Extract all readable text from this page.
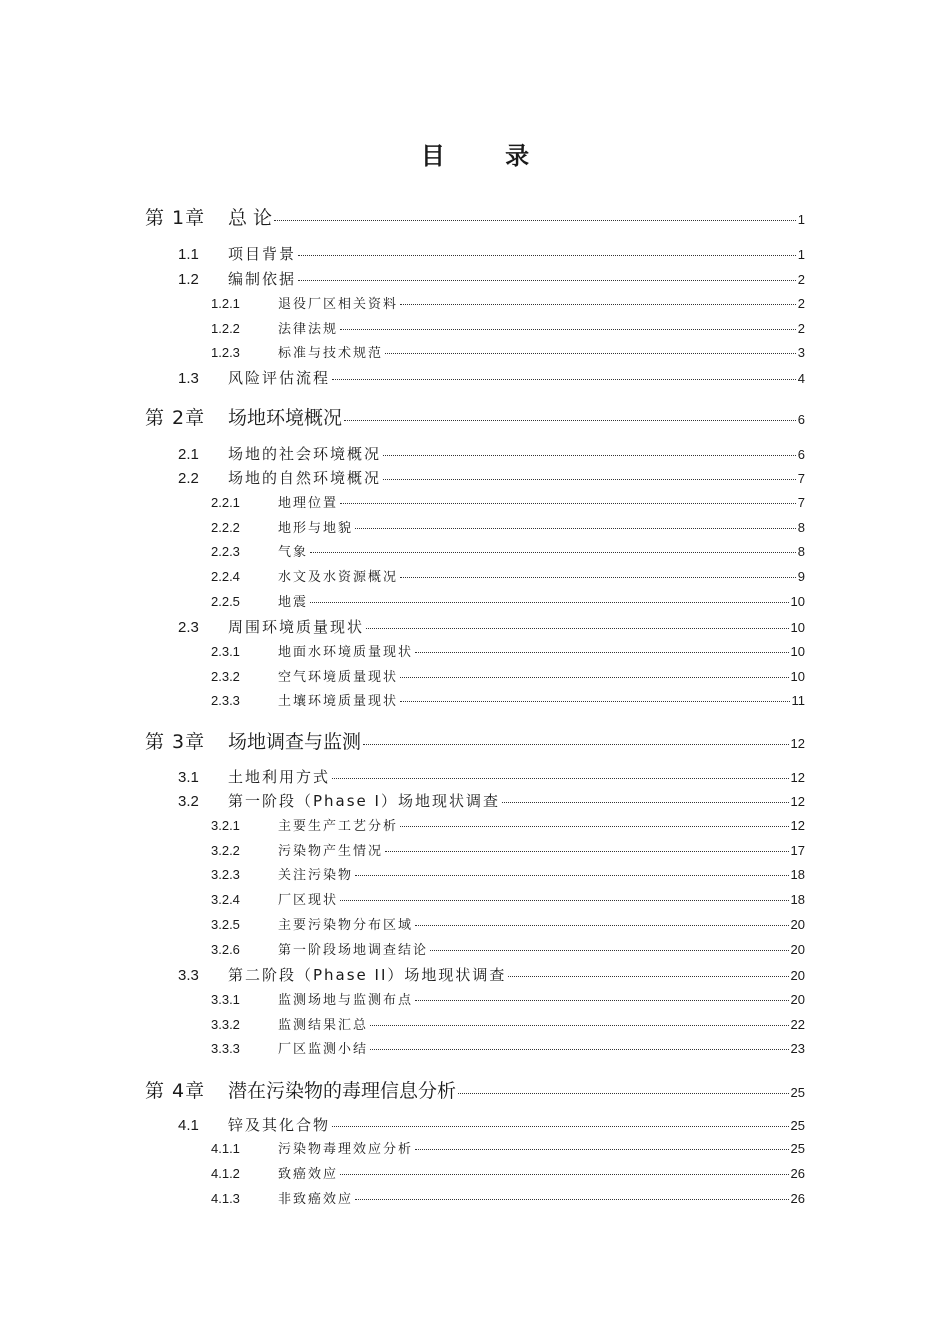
目 录
第 1章	总 论	1
1.1	项目背景	1
1.2	编制依据	2
1.2.1	退役厂区相关资料	2
1.2.2	法律法规	2
1.2.3	标准与技术规范	3
1.3	风险评估流程	4
第 2章	场地环境概况	6
2.1	场地的社会环境概况	6
2.2	场地的自然环境概况	7
2.2.1	地理位置	7
2.2.2	地形与地貌	8
2.2.3	气象	8
2.2.4	水文及水资源概况	9
2.2.5	地震	10
2.3	周围环境质量现状	10
2.3.1	地面水环境质量现状	10
2.3.2	空气环境质量现状	10
2.3.3	土壤环境质量现状	11
第 3章	场地调查与监测	12
3.1	土地利用方式	12
3.2	第一阶段（Phase I）场地现状调查	12
3.2.1	主要生产工艺分析	12
3.2.2	污染物产生情况	17
3.2.3	关注污染物	18
3.2.4	厂区现状	18
3.2.5	主要污染物分布区域	20
3.2.6	第一阶段场地调查结论	20
3.3	第二阶段（Phase II）场地现状调查	20
3.3.1	监测场地与监测布点	20
3.3.2	监测结果汇总	22
3.3.3	厂区监测小结	23
第 4章	潜在污染物的毒理信息分析	25
4.1	锌及其化合物	25
4.1.1	污染物毒理效应分析	25
4.1.2	致癌效应	26
4.1.3	非致癌效应	26
